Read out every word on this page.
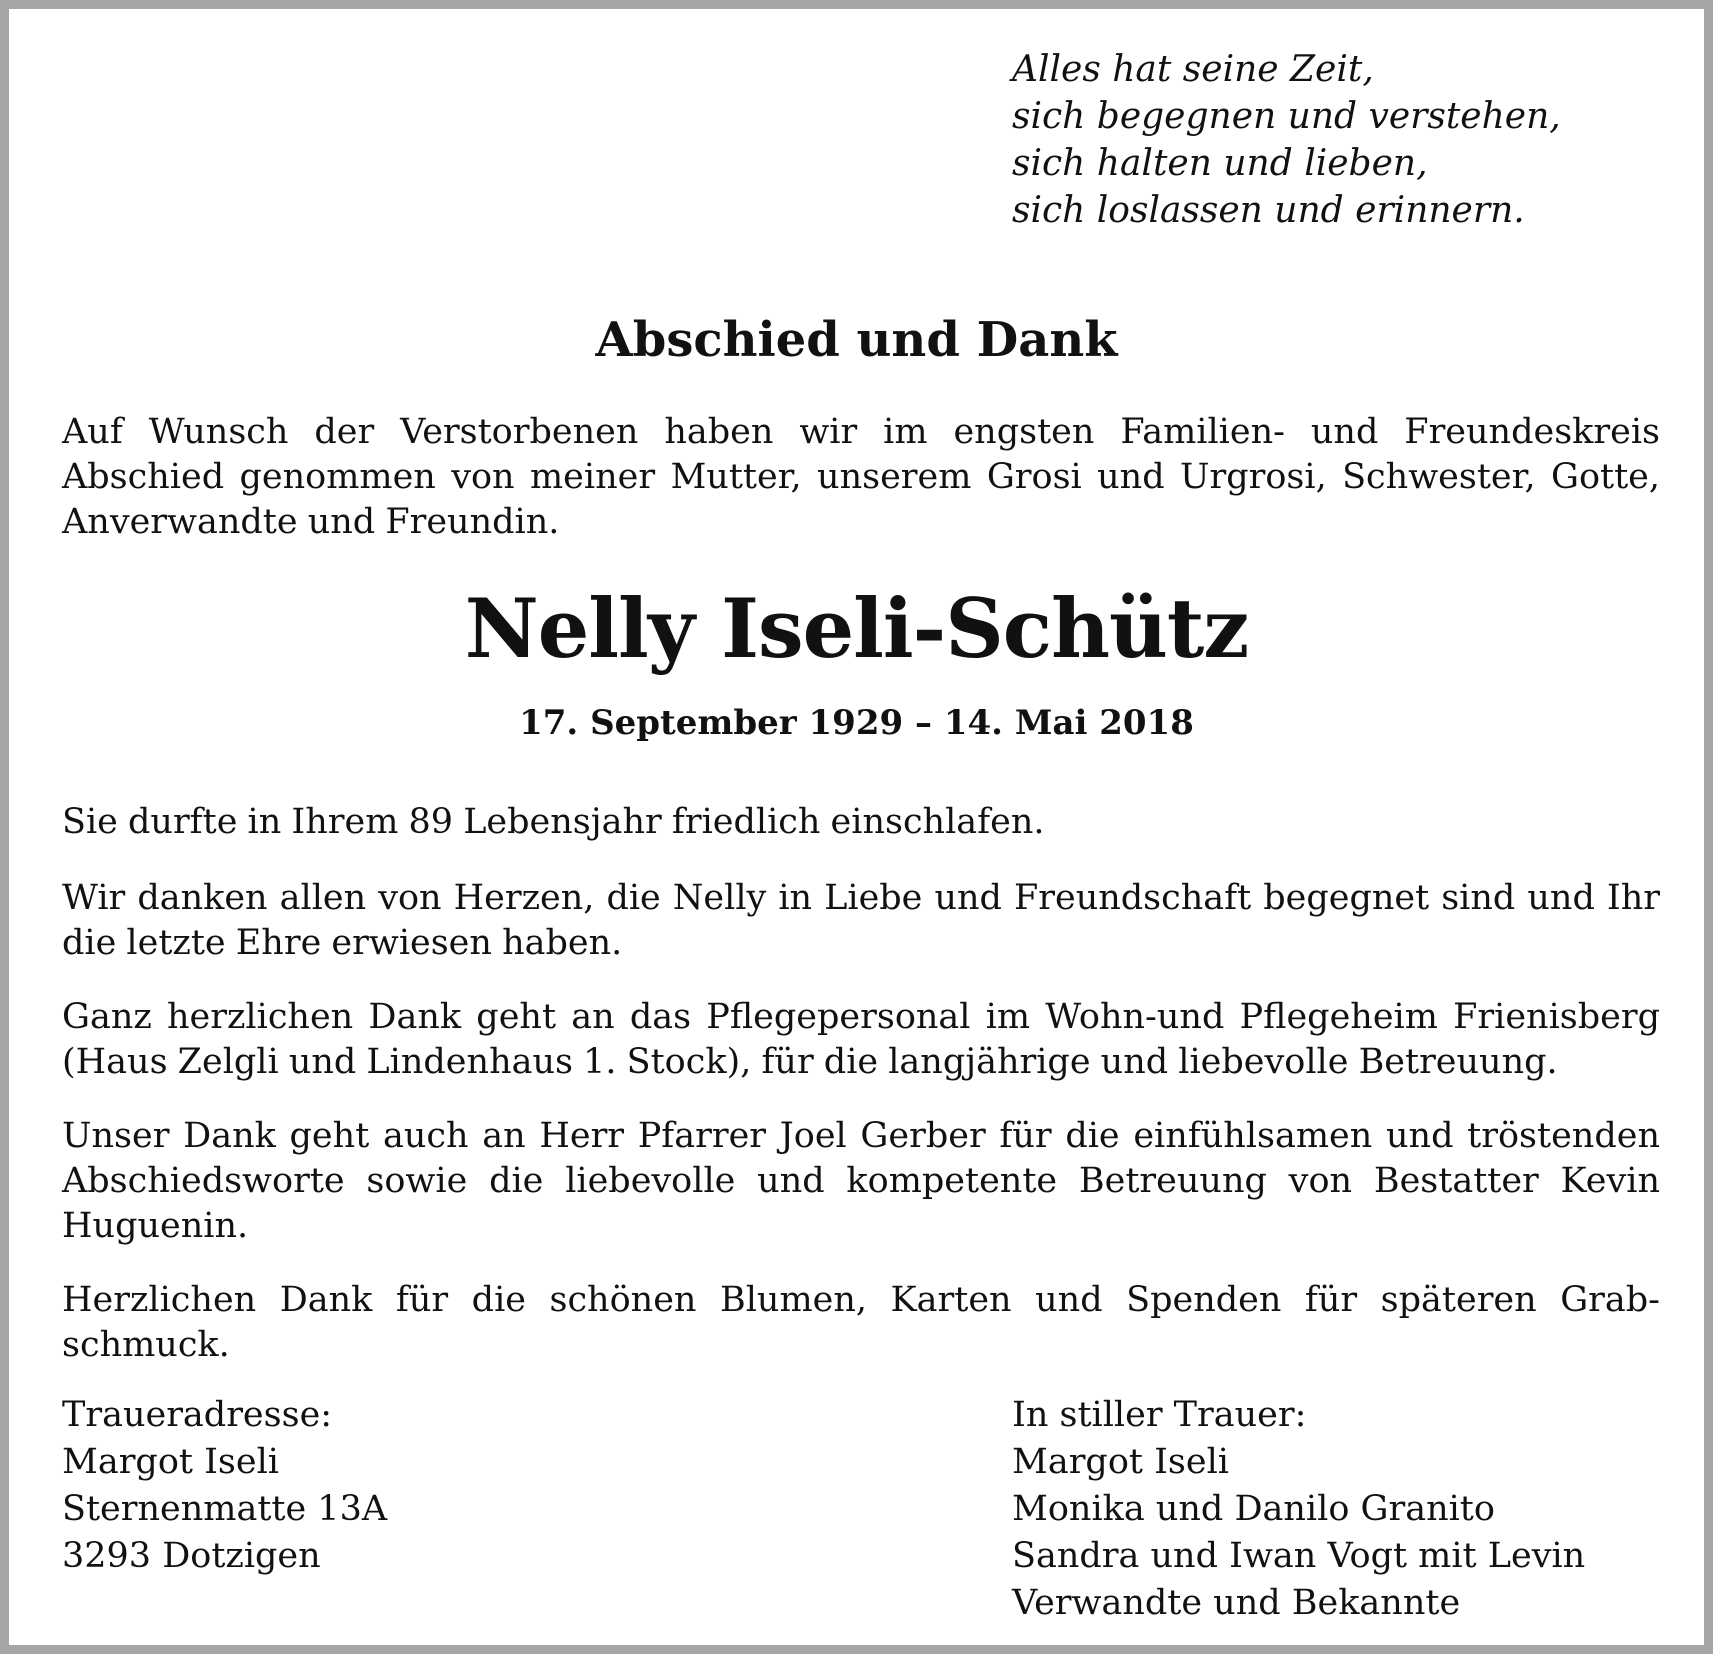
Alles hat seine Zeit,
sich begegnen und verstehen,
sich halten und lieben,
sich loslassen und erinnern.
Abschied und Dank
Auf Wunsch der Verstorbenen haben wir im engsten Familien- und Freundeskreis Abschied genommen von meiner Mutter, unserem Grosi und Urgrosi, Schwester, Gotte, Anverwandte und Freundin.
Nelly Iseli-Schütz
17. September 1929 – 14. Mai 2018
Sie durfte in Ihrem 89 Lebensjahr friedlich einschlafen.
Wir danken allen von Herzen, die Nelly in Liebe und Freundschaft begegnet sind und Ihr die letzte Ehre erwiesen haben.
Ganz herzlichen Dank geht an das Pflegepersonal im Wohn-und Pflegeheim Frienisberg (Haus Zelgli und Lindenhaus 1. Stock), für die langjährige und liebevolle Betreuung.
Unser Dank geht auch an Herr Pfarrer Joel Gerber für die einfühlsamen und tröstenden Abschiedsworte sowie die liebevolle und kompetente Betreuung von Bestatter Kevin Huguenin.
Herzlichen Dank für die schönen Blumen, Karten und Spenden für späteren Grabschmuck.
Traueradresse:
Margot Iseli
Sternenmatte 13A
3293 Dotzigen
In stiller Trauer:
Margot Iseli
Monika und Danilo Granito
Sandra und Iwan Vogt mit Levin
Verwandte und Bekannte
